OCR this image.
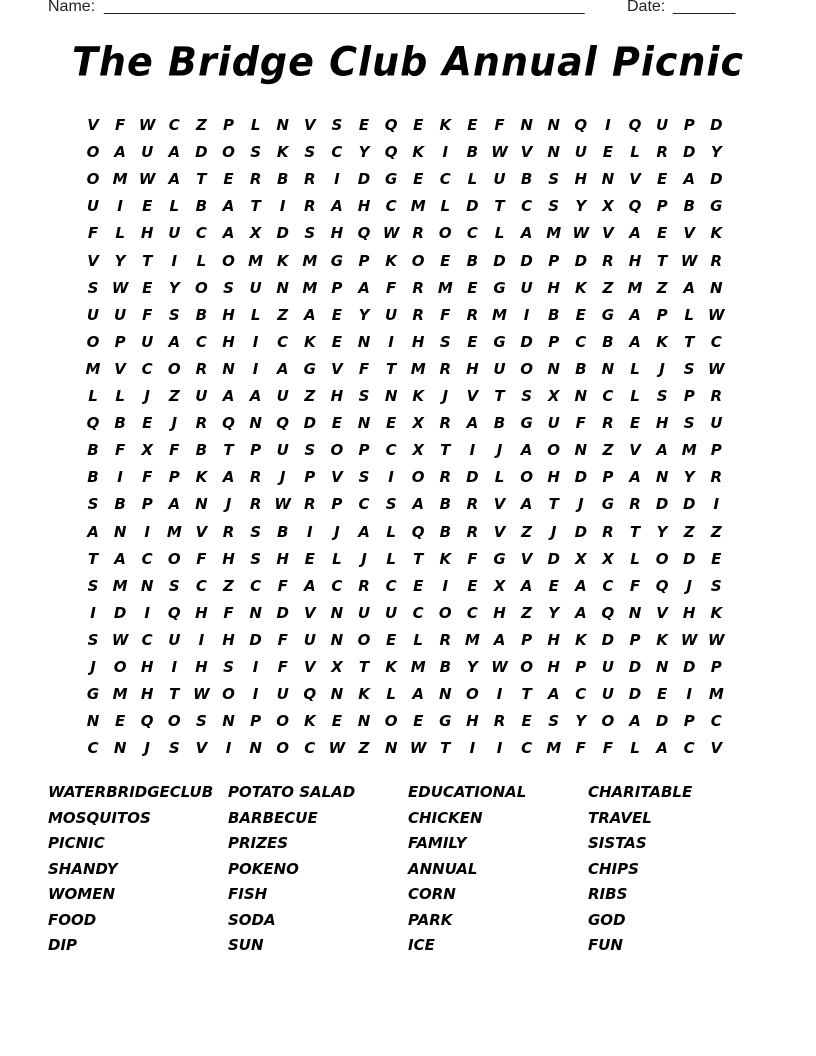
Name: ______________________________________________________	Date: _______
The Bridge Club Annual Picnic
V	F W C	Z	P	L	N	V	S	E	Q	E	K	E	F	N N Q	I	Q U	P	D
O A	U	A	D O	S	K	S	C	Y	Q K	I	B W V	N U	E	L	R	D	Y
O M W A	T	E	R	B	R	I	D G	E	C	L	U	B	S	H N	V	E	A	D
U	I	E	L	B	A	T	I	R	A	H	C M L	D	T	C	S	Y	X Q	P	B	G
F	L	H U	C	A	X	D	S	H Q W R O	C	L	A M W V	A	E	V	K
V	Y	T	I	L	O M K M G	P	K O	E	B	D D	P	D	R	H	T W R
S W E	Y	O	S	U N M P	A	F	R M E	G U H	K	Z M Z	A	N
U U	F	S	B	H	L	Z	A	E	Y	U	R	F	R M	I	B	E	G	A	P	L W
O	P	U	A	C	H	I	C	K	E	N	I	H	S	E	G D	P	C	B	A	K	T	C
M V	C	O R	N	I	A	G	V	F	T M R	H U O N	B	N	L	J	S W
L	L	J	Z	U	A	A	U	Z	H	S	N	K	J	V	T	S	X	N	C	L	S	P	R
Q	B	E	J	R Q N Q D	E	N	E	X	R	A	B	G U	F	R	E	H	S	U
B	F	X	F	B	T	P	U	S	O	P	C	X	T	I	J	A O N	Z	V	A M P
B	I	F	P	K	A	R	J	P	V	S	I	O R	D	L	O H D	P	A	N	Y	R
S	B	P	A	N	J	R W R	P	C	S	A	B	R	V	A	T	J	G	R	D D	I
A	N	I	M V	R	S	B	I	J	A	L	Q	B	R	V	Z	J	D	R	T	Y	Z	Z
T	A	C	O	F	H	S	H	E	L	J	L	T	K	F	G	V	D	X	X	L	O D	E
S M N	S	C	Z	C	F	A	C	R	C	E	I	E	X	A	E	A	C	F	Q	J	S
I	D	I	Q H	F	N D	V	N U U	C	O	C	H	Z	Y	A Q N	V	H	K
S W C	U	I	H D	F	U N O	E	L	R M A	P	H	K	D	P	K W W
J	O H	I	H	S	I	F	V	X	T	K M B	Y W O H	P	U D N D	P
G M H	T W O	I	U Q N	K	L	A	N O	I	T	A	C	U D	E	I	M
N	E	Q O	S	N	P	O K	E	N O	E	G H	R	E	S	Y	O A	D	P	C
C	N	J	S	V	I	N O	C W Z	N W T	I	I	C M F	F	L	A	C	V
WATERBRIDGECLUB
MOSQUITOS
PICNIC
SHANDY
WOMEN
FOOD
DIP
POTATO SALAD
BARBECUE
PRIZES
POKENO
FISH
SODA
SUN
EDUCATIONAL
CHICKEN
FAMILY
ANNUAL
CORN
PARK
ICE
CHARITABLE
TRAVEL
SISTAS
CHIPS
RIBS
GOD
FUN
